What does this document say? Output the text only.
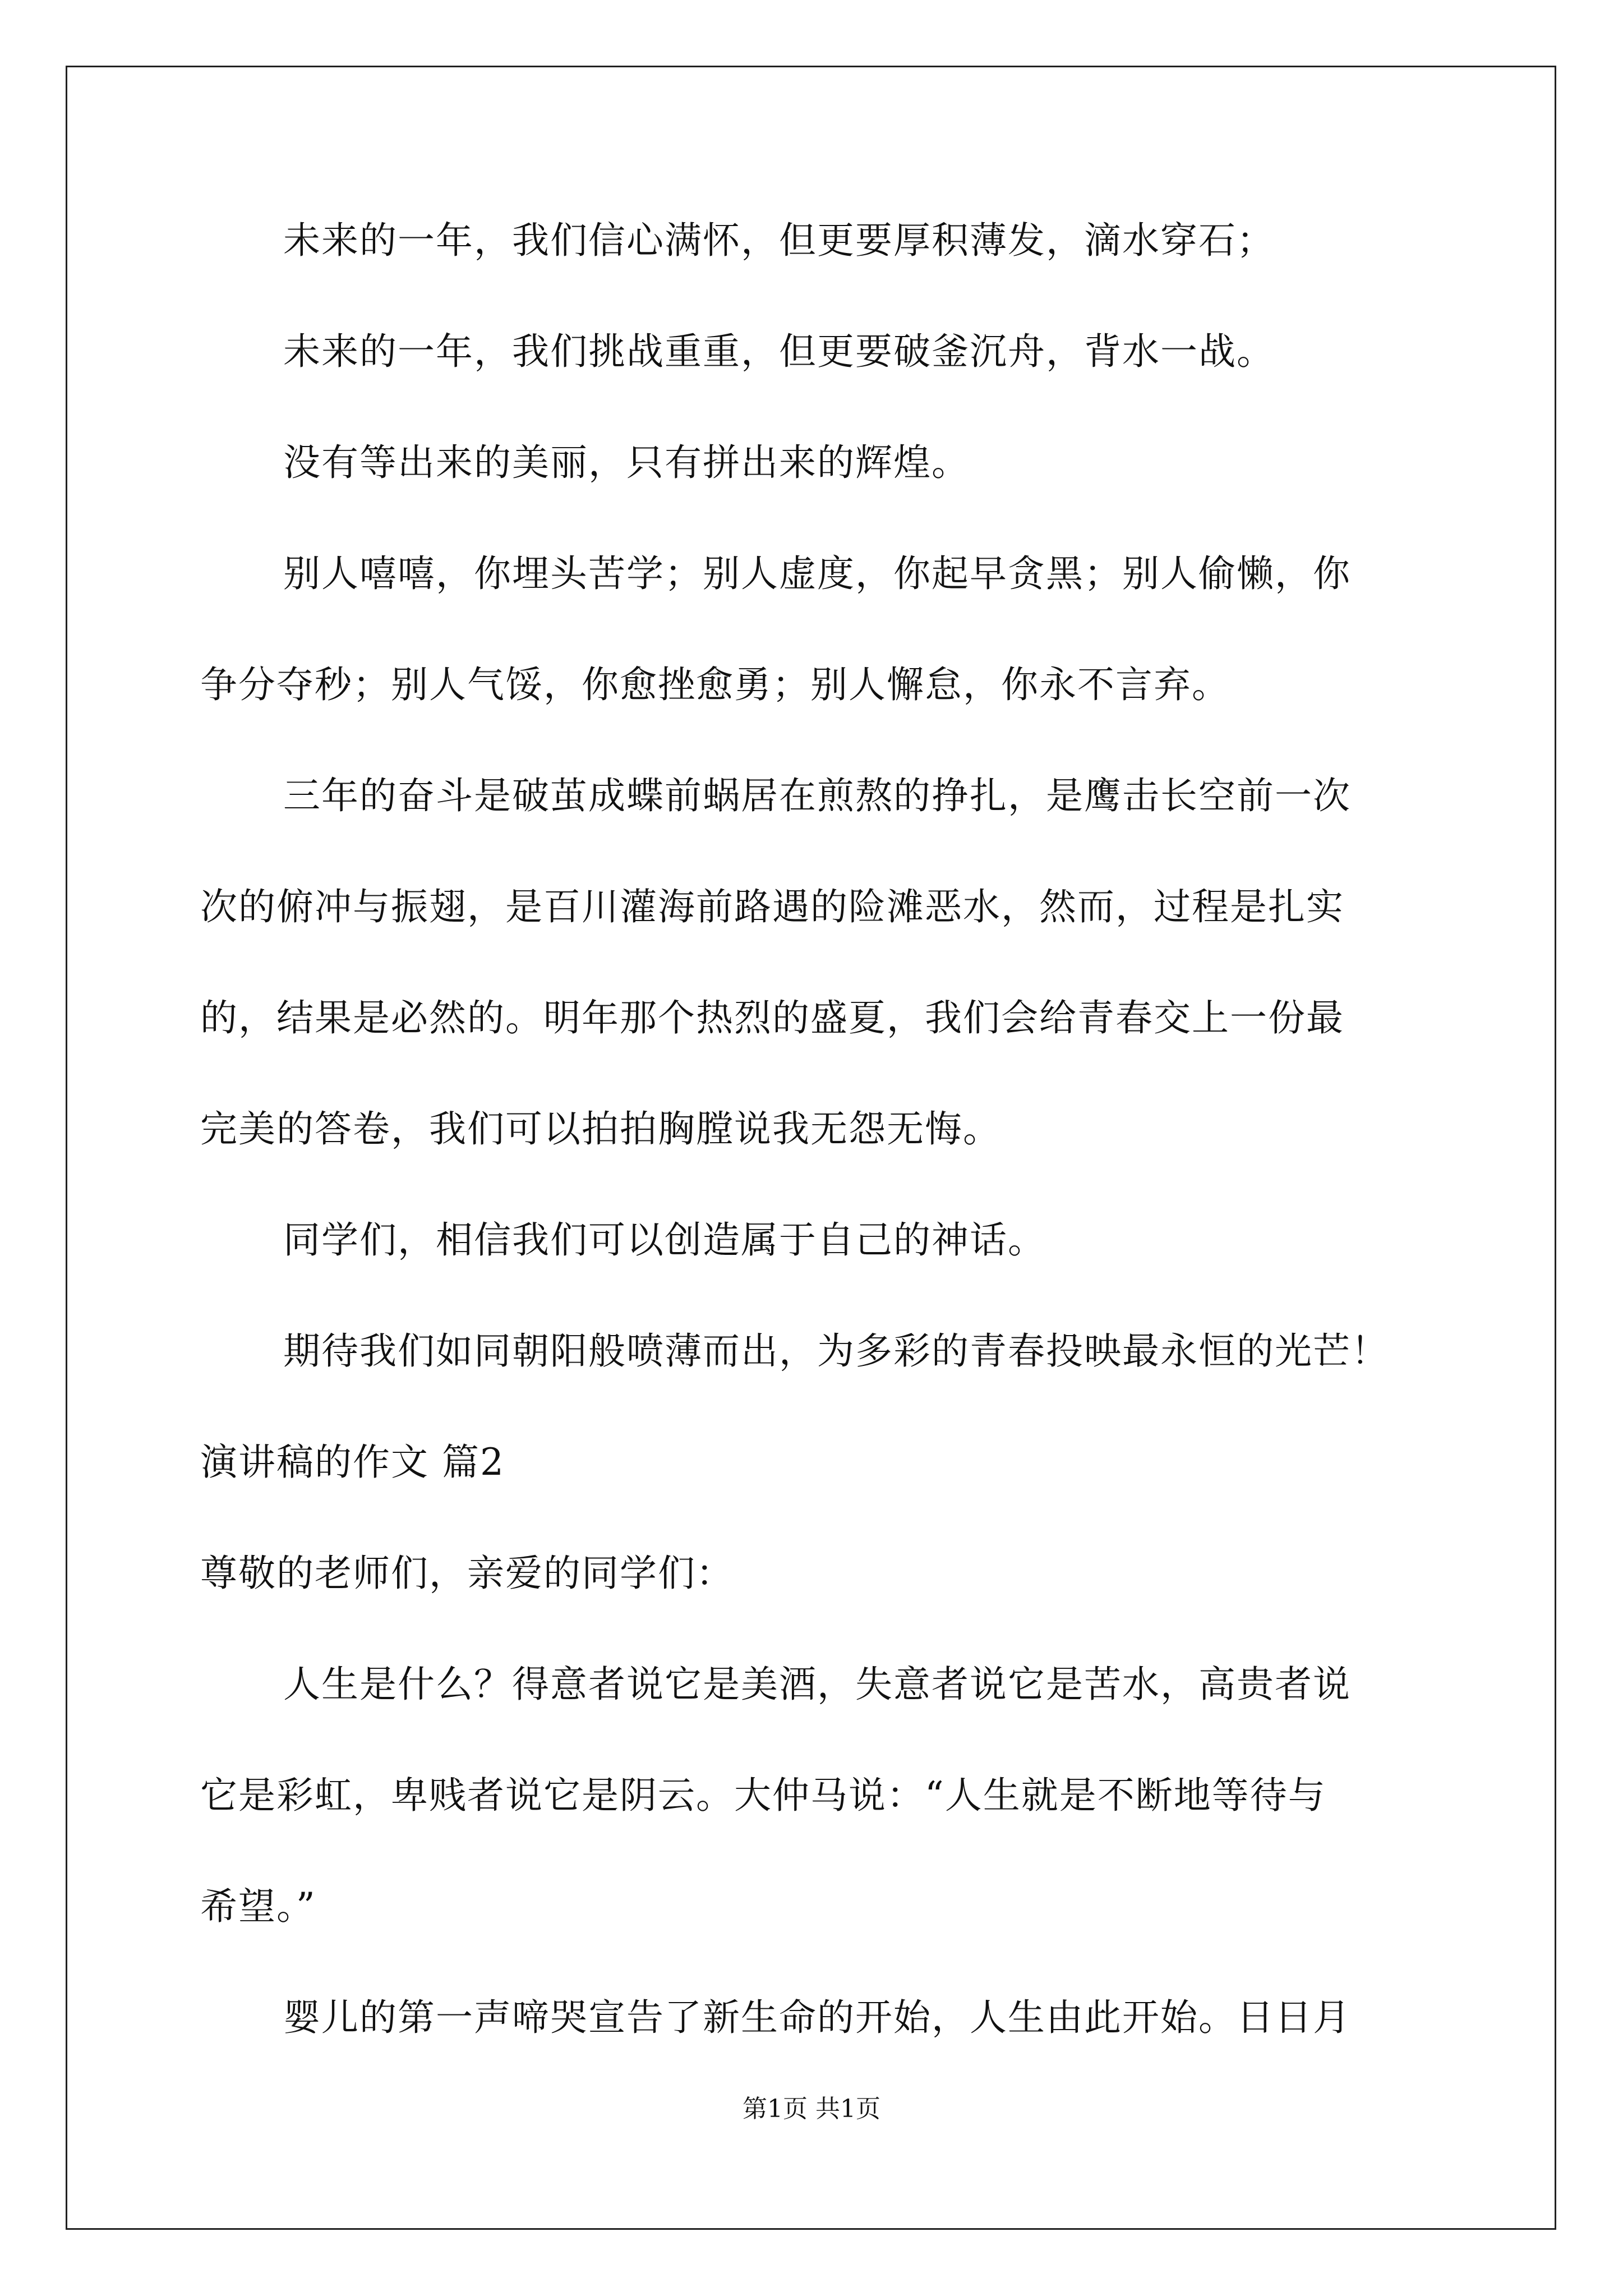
未来的一年，我们信心满怀，但更要厚积薄发，滴水穿石；
未来的一年，我们挑战重重，但更要破釜沉舟，背水一战。
没有等出来的美丽，只有拼出来的辉煌。
别人嘻嘻，你埋头苦学；别人虚度，你起早贪黑；别人偷懒，你
争分夺秒；别人气馁，你愈挫愈勇；别人懈怠，你永不言弃。
三年的奋斗是破茧成蝶前蜗居在煎熬的挣扎，是鹰击长空前一次
次的俯冲与振翅，是百川灌海前路遇的险滩恶水，然而，过程是扎实
的，结果是必然的。明年那个热烈的盛夏，我们会给青春交上一份最
完美的答卷，我们可以拍拍胸膛说我无怨无悔。
同学们，相信我们可以创造属于自己的神话。
期待我们如同朝阳般喷薄而出，为多彩的青春投映最永恒的光芒！
演讲稿的作文 篇2
尊敬的老师们，亲爱的同学们：
人生是什么？得意者说它是美酒，失意者说它是苦水，高贵者说
它是彩虹，卑贱者说它是阴云。大仲马说：“人生就是不断地等待与
希望。”
婴儿的第一声啼哭宣告了新生命的开始，人生由此开始。日日月
第1页 共1页
